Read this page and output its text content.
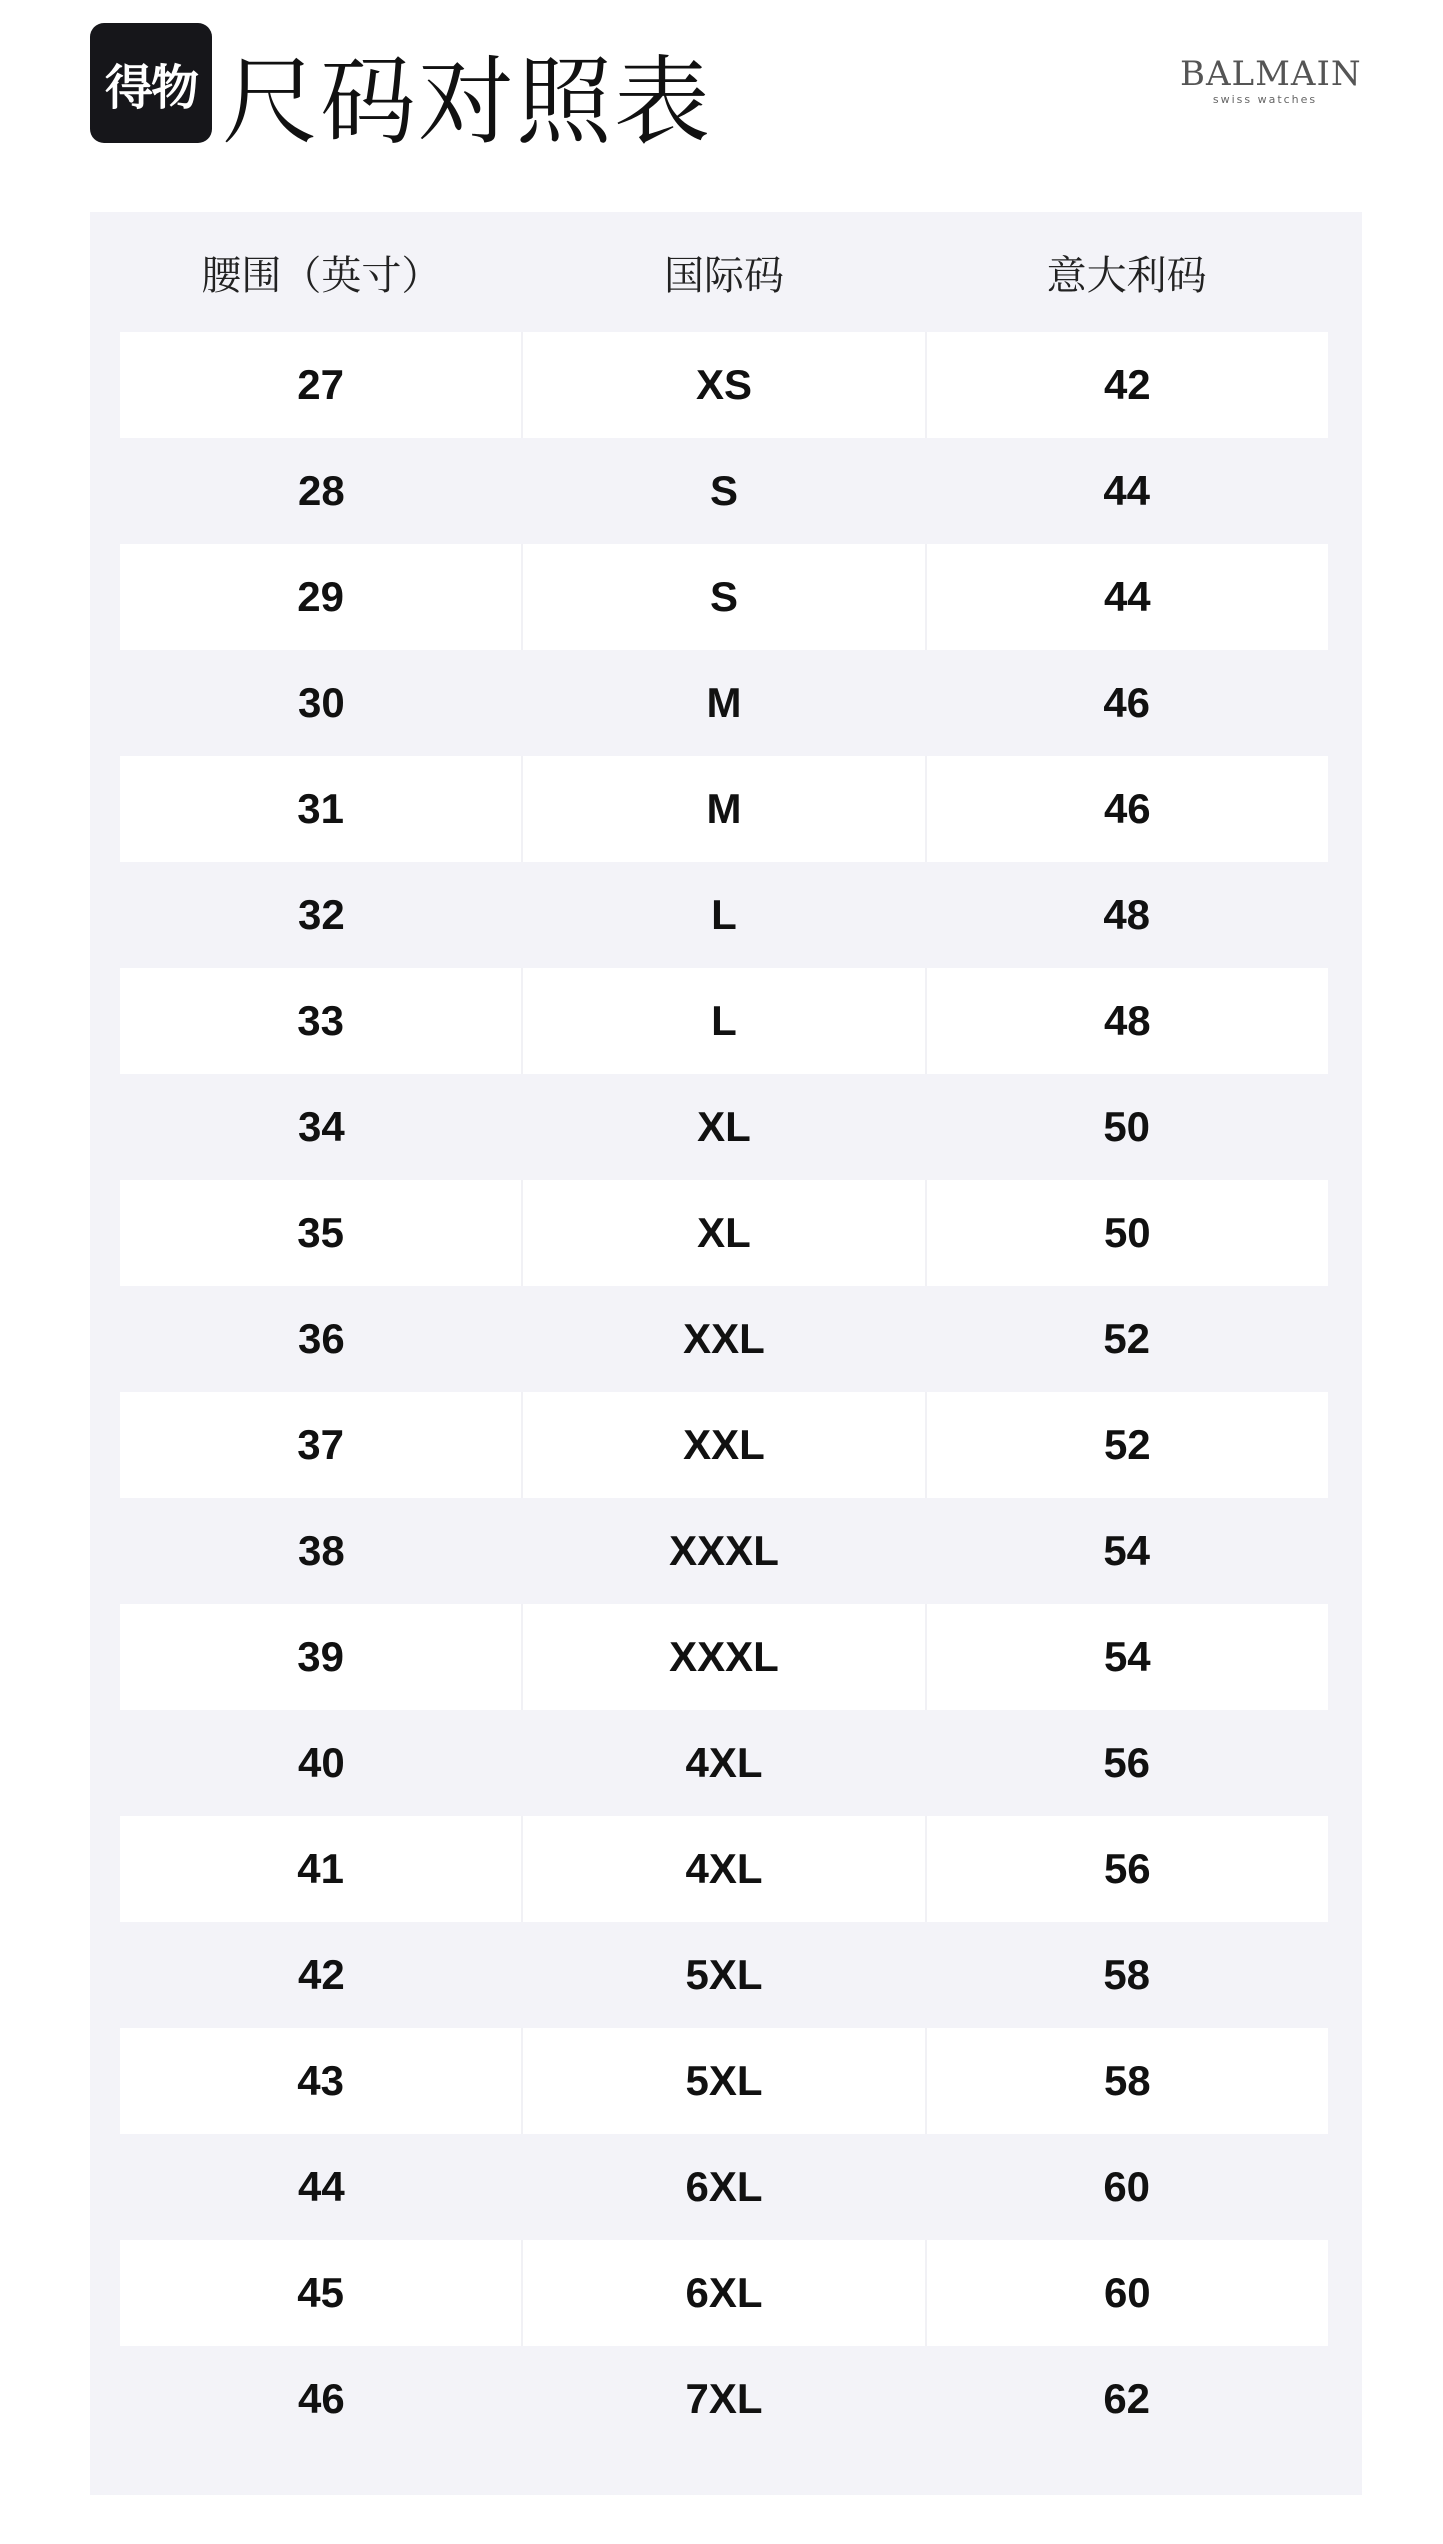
得物 尺码对照表	BALMAIN
swiss watches
腰围（英寸）	国际码	意大利码
27	XS	42
28	S	44
29	S	44
30	M	46
31	M	46
32	L	48
33	L	48
34	XL	50
35	XL	50
36	XXL	52
37	XXL	52
38	XXXL	54
39	XXXL	54
40	4XL	56
41	4XL	56
42	5XL	58
43	5XL	58
44	6XL	60
45	6XL	60
46	7XL	62
